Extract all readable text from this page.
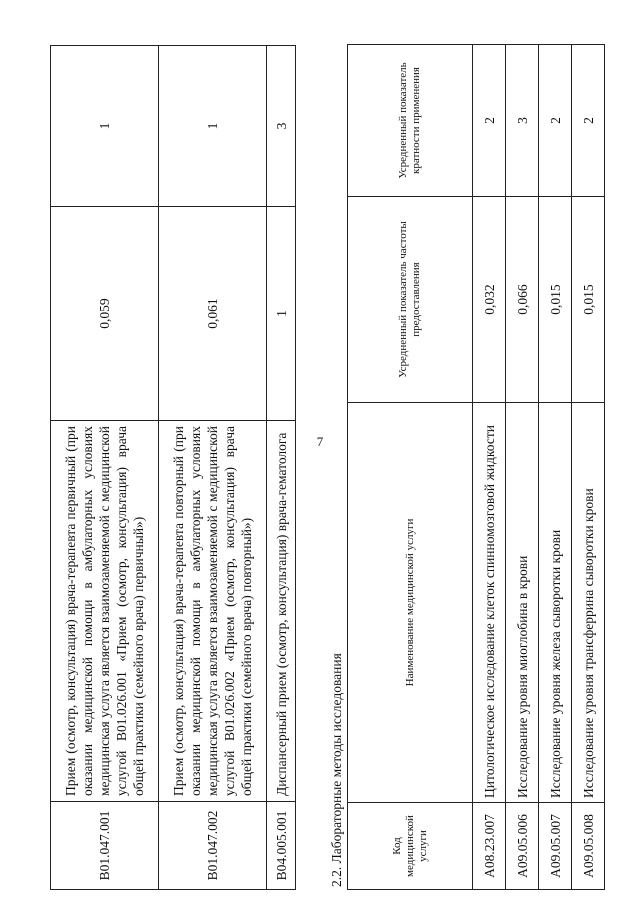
7
B01.047.001	Прием (осмотр, консультация) врача-терапевта первичный (при оказании медицинской помощи в амбулаторных условиях медицинская услуга является взаимозаменяемой с медицинской услугой B01.026.001 «Прием (осмотр, консультация) врача общей практики (семейного врача) первичный»)	0,059	1
B01.047.002	Прием (осмотр, консультация) врача-терапевта повторный (при оказании медицинской помощи в амбулаторных условиях медицинская услуга является взаимозаменяемой с медицинской услугой B01.026.002 «Прием (осмотр, консультация) врача общей практики (семейного врача) повторный»)	0,061	1
B04.005.001	Диспансерный прием (осмотр, консультация) врача-гематолога	1	3
2.2. Лабораторные методы исследования	Код медицинской услуги	Наименование медицинской услуги	Усредненный показатель частоты предоставления	Усредненный показатель кратности применения
A08.23.007	Цитологическое исследование клеток спинномозговой жидкости	0,032	2
A09.05.006	Исследование уровня миоглобина в крови	0,066	3
A09.05.007	Исследование уровня железа сыворотки крови	0,015	2
A09.05.008	Исследование уровня трансферрина сыворотки крови	0,015	2
